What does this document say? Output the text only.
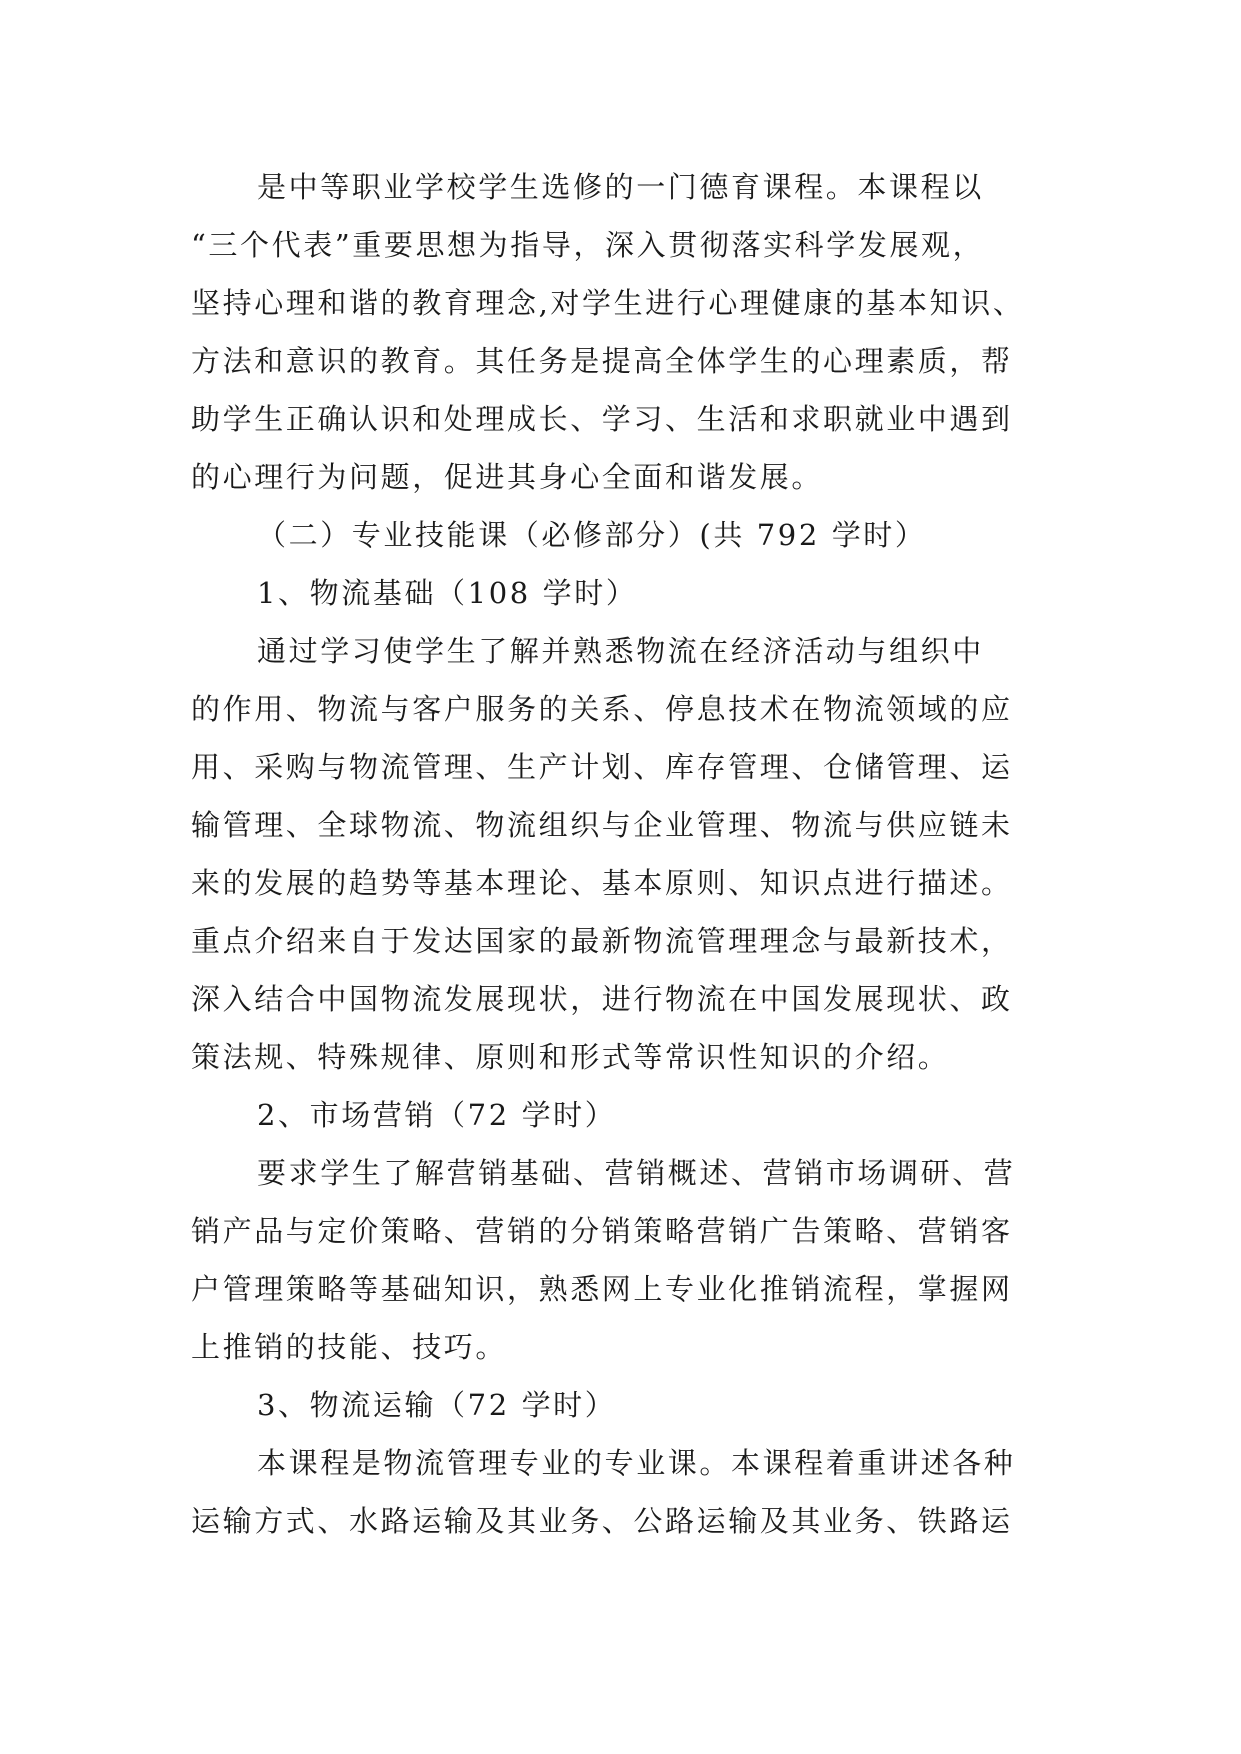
是中等职业学校学生选修的一门德育课程。本课程以
“三个代表”重要思想为指导，深入贯彻落实科学发展观，
坚持心理和谐的教育理念,对学生进行心理健康的基本知识、
方法和意识的教育。其任务是提高全体学生的心理素质，帮
助学生正确认识和处理成长、学习、生活和求职就业中遇到
的心理行为问题，促进其身心全面和谐发展。
（二）专业技能课（必修部分）(共 792 学时）
1、物流基础（108 学时）
通过学习使学生了解并熟悉物流在经济活动与组织中
的作用、物流与客户服务的关系、停息技术在物流领域的应
用、采购与物流管理、生产计划、库存管理、仓储管理、运
输管理、全球物流、物流组织与企业管理、物流与供应链未
来的发展的趋势等基本理论、基本原则、知识点进行描述。
重点介绍来自于发达国家的最新物流管理理念与最新技术，
深入结合中国物流发展现状，进行物流在中国发展现状、政
策法规、特殊规律、原则和形式等常识性知识的介绍。
2、市场营销（72 学时）
要求学生了解营销基础、营销概述、营销市场调研、营
销产品与定价策略、营销的分销策略营销广告策略、营销客
户管理策略等基础知识，熟悉网上专业化推销流程，掌握网
上推销的技能、技巧。
3、物流运输（72 学时）
本课程是物流管理专业的专业课。本课程着重讲述各种
运输方式、水路运输及其业务、公路运输及其业务、铁路运
